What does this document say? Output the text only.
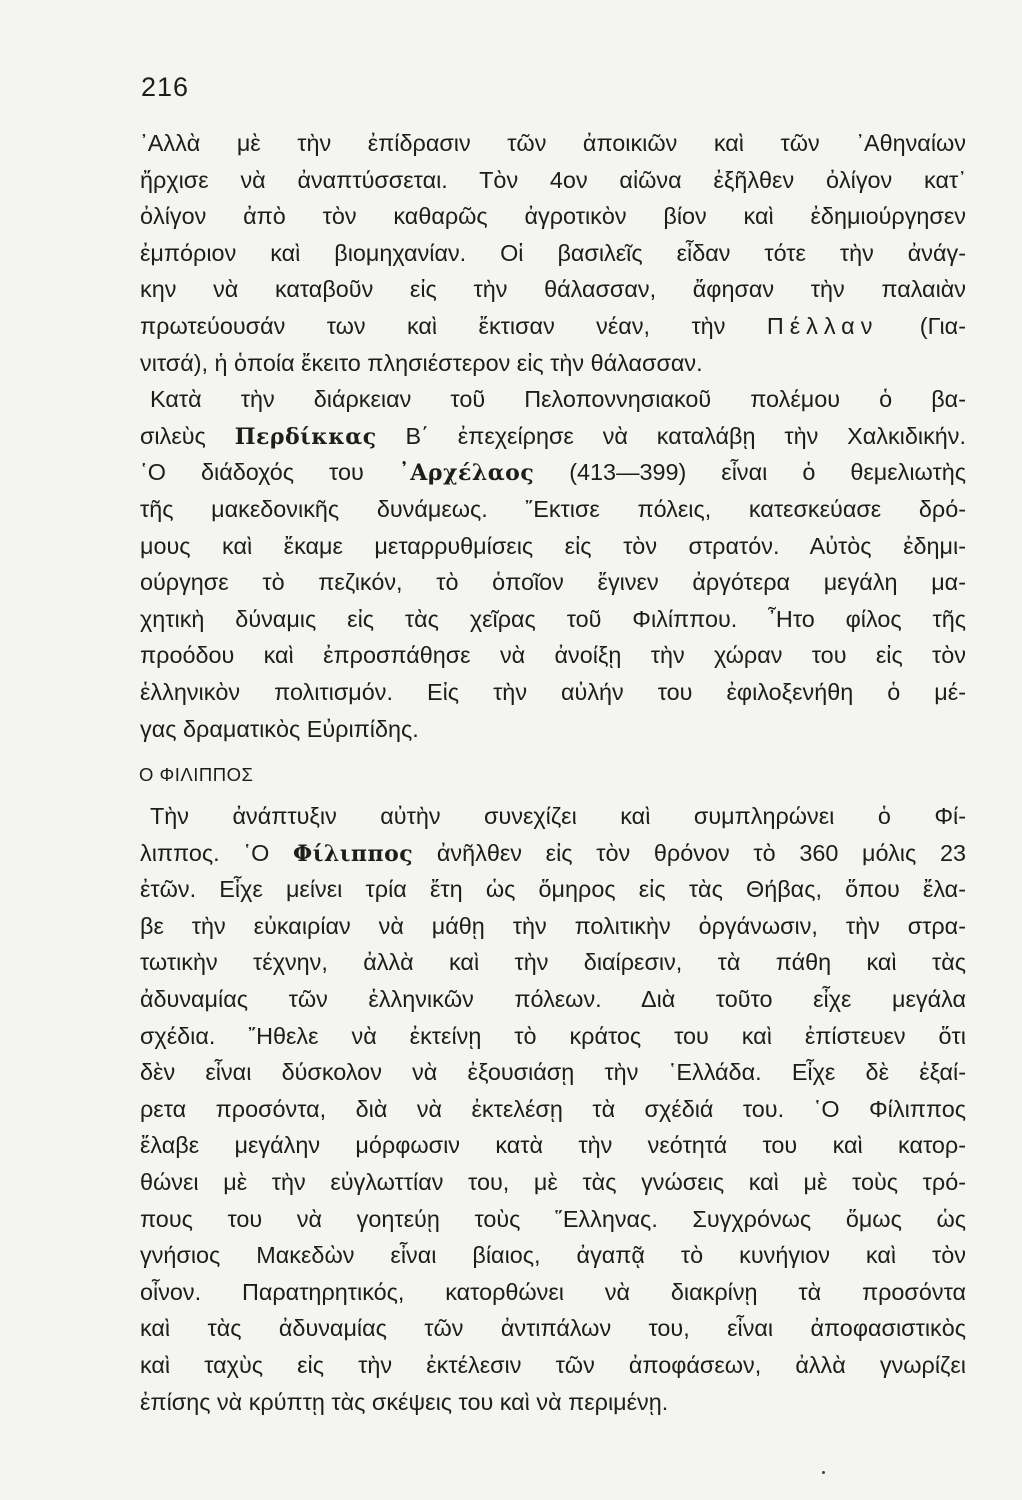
216
᾿Αλλὰ μὲ τὴν ἐπίδρασιν τῶν ἀποικιῶν καὶ τῶν ᾿Αθηναίων
ἤρχισε νὰ ἀναπτύσσεται. Τὸν 4ον αἰῶνα ἐξῆλθεν ὀλίγον κατ᾿
ὀλίγον ἀπὸ τὸν καθαρῶς ἀγροτικὸν βίον καὶ ἐδημιούργησεν
ἐμπόριον καὶ βιομηχανίαν. Οἱ βασιλεῖς εἶδαν τότε τὴν ἀνάγ-
κην νὰ καταβοῦν εἰς τὴν θάλασσαν, ἄφησαν τὴν παλαιὰν
πρωτεύουσάν των καὶ ἔκτισαν νέαν, τὴν Πέλλαν (Για-
νιτσά), ἡ ὁποία ἔκειτο πλησιέστερον εἰς τὴν θάλασσαν.
Κατὰ τὴν διάρκειαν τοῦ Πελοποννησιακοῦ πολέμου ὁ βα-
σιλεὺς Περδίκκας Β΄ ἐπεχείρησε νὰ καταλάβῃ τὴν Χαλκιδικήν.
῾Ο διάδοχός του ᾿Αρχέλαος (413—399) εἶναι ὁ θεμελιωτὴς
τῆς μακεδονικῆς δυνάμεως. ῎Εκτισε πόλεις, κατεσκεύασε δρό-
μους καὶ ἔκαμε μεταρρυθμίσεις εἰς τὸν στρατόν. Αὐτὸς ἐδημι-
ούργησε τὸ πεζικόν, τὸ ὁποῖον ἔγινεν ἀργότερα μεγάλη μα-
χητικὴ δύναμις εἰς τὰς χεῖρας τοῦ Φιλίππου. ῏Ητο φίλος τῆς
προόδου καὶ ἐπροσπάθησε νὰ ἀνοίξῃ τὴν χώραν του εἰς τὸν
ἑλληνικὸν πολιτισμόν. Εἰς τὴν αὐλήν του ἐφιλοξενήθη ὁ μέ-
γας δραματικὸς Εὐριπίδης.
Ο ΦΙΛΙΠΠΟΣ
Τὴν ἀνάπτυξιν αὐτὴν συνεχίζει καὶ συμπληρώνει ὁ Φί-
λιππος. ῾Ο Φίλιππος ἀνῆλθεν εἰς τὸν θρόνον τὸ 360 μόλις 23
ἐτῶν. Εἶχε μείνει τρία ἔτη ὡς ὅμηρος εἰς τὰς Θήβας, ὅπου ἔλα-
βε τὴν εὐκαιρίαν νὰ μάθῃ τὴν πολιτικὴν ὀργάνωσιν, τὴν στρα-
τωτικὴν τέχνην, ἀλλὰ καὶ τὴν διαίρεσιν, τὰ πάθη καὶ τὰς
ἀδυναμίας τῶν ἑλληνικῶν πόλεων. Διὰ τοῦτο εἶχε μεγάλα
σχέδια. ῎Ηθελε νὰ ἐκτείνῃ τὸ κράτος του καὶ ἐπίστευεν ὅτι
δὲν εἶναι δύσκολον νὰ ἐξουσιάσῃ τὴν ῾Ελλάδα. Εἶχε δὲ ἐξαί-
ρετα προσόντα, διὰ νὰ ἐκτελέσῃ τὰ σχέδιά του. ῾Ο Φίλιππος
ἔλαβε μεγάλην μόρφωσιν κατὰ τὴν νεότητά του καὶ κατορ-
θώνει μὲ τὴν εὐγλωττίαν του, μὲ τὰς γνώσεις καὶ μὲ τοὺς τρό-
πους του νὰ γοητεύῃ τοὺς ῞Ελληνας. Συγχρόνως ὅμως ὡς
γνήσιος Μακεδὼν εἶναι βίαιος, ἀγαπᾷ τὸ κυνήγιον καὶ τὸν
οἶνον. Παρατηρητικός, κατορθώνει νὰ διακρίνῃ τὰ προσόντα
καὶ τὰς ἀδυναμίας τῶν ἀντιπάλων του, εἶναι ἀποφασιστικὸς
καὶ ταχὺς εἰς τὴν ἐκτέλεσιν τῶν ἀποφάσεων, ἀλλὰ γνωρίζει
ἐπίσης νὰ κρύπτῃ τὰς σκέψεις του καὶ νὰ περιμένῃ.
